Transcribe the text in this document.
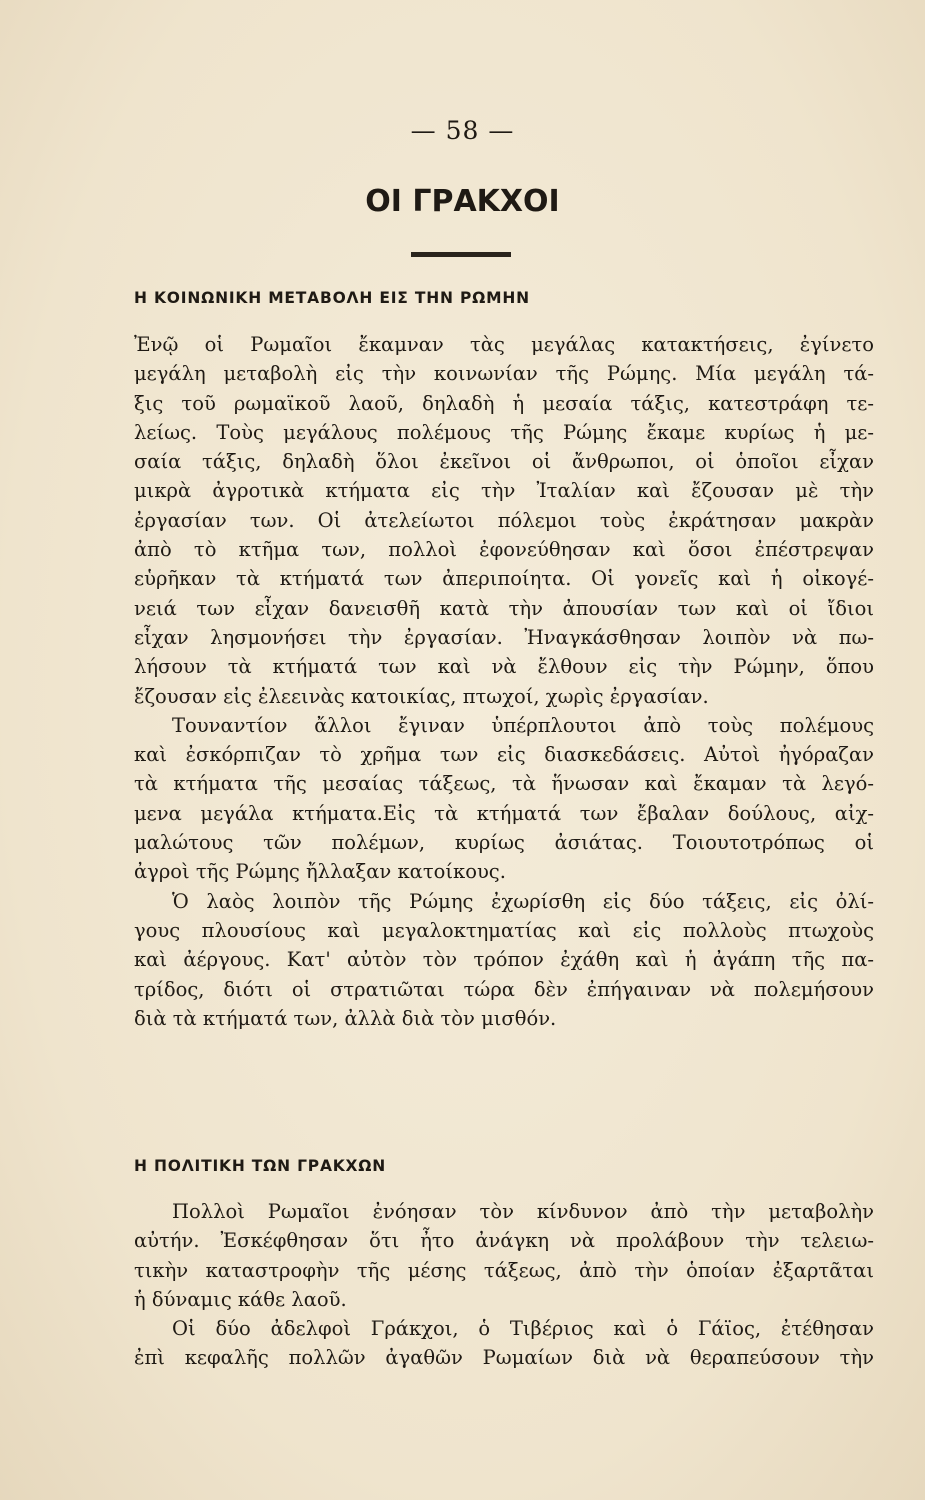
— 58 —
ΟΙ ΓΡΑΚΧΟΙ
Η ΚΟΙΝΩΝΙΚΗ ΜΕΤΑΒΟΛΗ ΕΙΣ ΤΗΝ ΡΩΜΗΝ
Ἐνῷ οἱ Ρωμαῖοι ἔκαμναν τὰς μεγάλας κατακτήσεις, ἐγίνετο
μεγάλη μεταβολὴ εἰς τὴν κοινωνίαν τῆς Ρώμης. Μία μεγάλη τά-
ξις τοῦ ρωμαϊκοῦ λαοῦ, δηλαδὴ ἡ μεσαία τάξις, κατεστράφη τε-
λείως. Τοὺς μεγάλους πολέμους τῆς Ρώμης ἔκαμε κυρίως ἡ με-
σαία τάξις, δηλαδὴ ὅλοι ἐκεῖνοι οἱ ἄνθρωποι, οἱ ὁποῖοι εἶχαν
μικρὰ ἀγροτικὰ κτήματα εἰς τὴν Ἰταλίαν καὶ ἔζουσαν μὲ τὴν
ἐργασίαν των. Οἱ ἀτελείωτοι πόλεμοι τοὺς ἐκράτησαν μακρὰν
ἀπὸ τὸ κτῆμα των, πολλοὶ ἐφονεύθησαν καὶ ὅσοι ἐπέστρεψαν
εὑρῆκαν τὰ κτήματά των ἀπεριποίητα. Οἱ γονεῖς καὶ ἡ οἰκογέ-
νειά των εἶχαν δανεισθῆ κατὰ τὴν ἀπουσίαν των καὶ οἱ ἴδιοι
εἶχαν λησμονήσει τὴν ἐργασίαν. Ἠναγκάσθησαν λοιπὸν νὰ πω-
λήσουν τὰ κτήματά των καὶ νὰ ἔλθουν εἰς τὴν Ρώμην, ὅπου
ἔζουσαν εἰς ἐλεεινὰς κατοικίας, πτωχοί, χωρὶς ἐργασίαν.
Τουναντίον ἄλλοι ἔγιναν ὑπέρπλουτοι ἀπὸ τοὺς πολέμους
καὶ ἐσκόρπιζαν τὸ χρῆμα των εἰς διασκεδάσεις. Αὐτοὶ ἠγόραζαν
τὰ κτήματα τῆς μεσαίας τάξεως, τὰ ἥνωσαν καὶ ἔκαμαν τὰ λεγό-
μενα μεγάλα κτήματα.Εἰς τὰ κτήματά των ἔβαλαν δούλους, αἰχ-
μαλώτους τῶν πολέμων, κυρίως ἀσιάτας. Τοιουτοτρόπως οἱ
ἀγροὶ τῆς Ρώμης ἤλλαξαν κατοίκους.
Ὁ λαὸς λοιπὸν τῆς Ρώμης ἐχωρίσθη εἰς δύο τάξεις, εἰς ὀλί-
γους πλουσίους καὶ μεγαλοκτηματίας καὶ εἰς πολλοὺς πτωχοὺς
καὶ ἀέργους. Κατ' αὐτὸν τὸν τρόπον ἐχάθη καὶ ἡ ἀγάπη τῆς πα-
τρίδος, διότι οἱ στρατιῶται τώρα δὲν ἐπήγαιναν νὰ πολεμήσουν
διὰ τὰ κτήματά των, ἀλλὰ διὰ τὸν μισθόν.
Η ΠΟΛΙΤΙΚΗ ΤΩΝ ΓΡΑΚΧΩΝ
Πολλοὶ Ρωμαῖοι ἐνόησαν τὸν κίνδυνον ἀπὸ τὴν μεταβολὴν
αὐτήν. Ἐσκέφθησαν ὅτι ἦτο ἀνάγκη νὰ προλάβουν τὴν τελειω-
τικὴν καταστροφὴν τῆς μέσης τάξεως, ἀπὸ τὴν ὁποίαν ἐξαρτᾶται
ἡ δύναμις κάθε λαοῦ.
Οἱ δύο ἀδελφοὶ Γράκχοι, ὁ Τιβέριος καὶ ὁ Γάϊος, ἐτέθησαν
ἐπὶ κεφαλῆς πολλῶν ἀγαθῶν Ρωμαίων διὰ νὰ θεραπεύσουν τὴν
